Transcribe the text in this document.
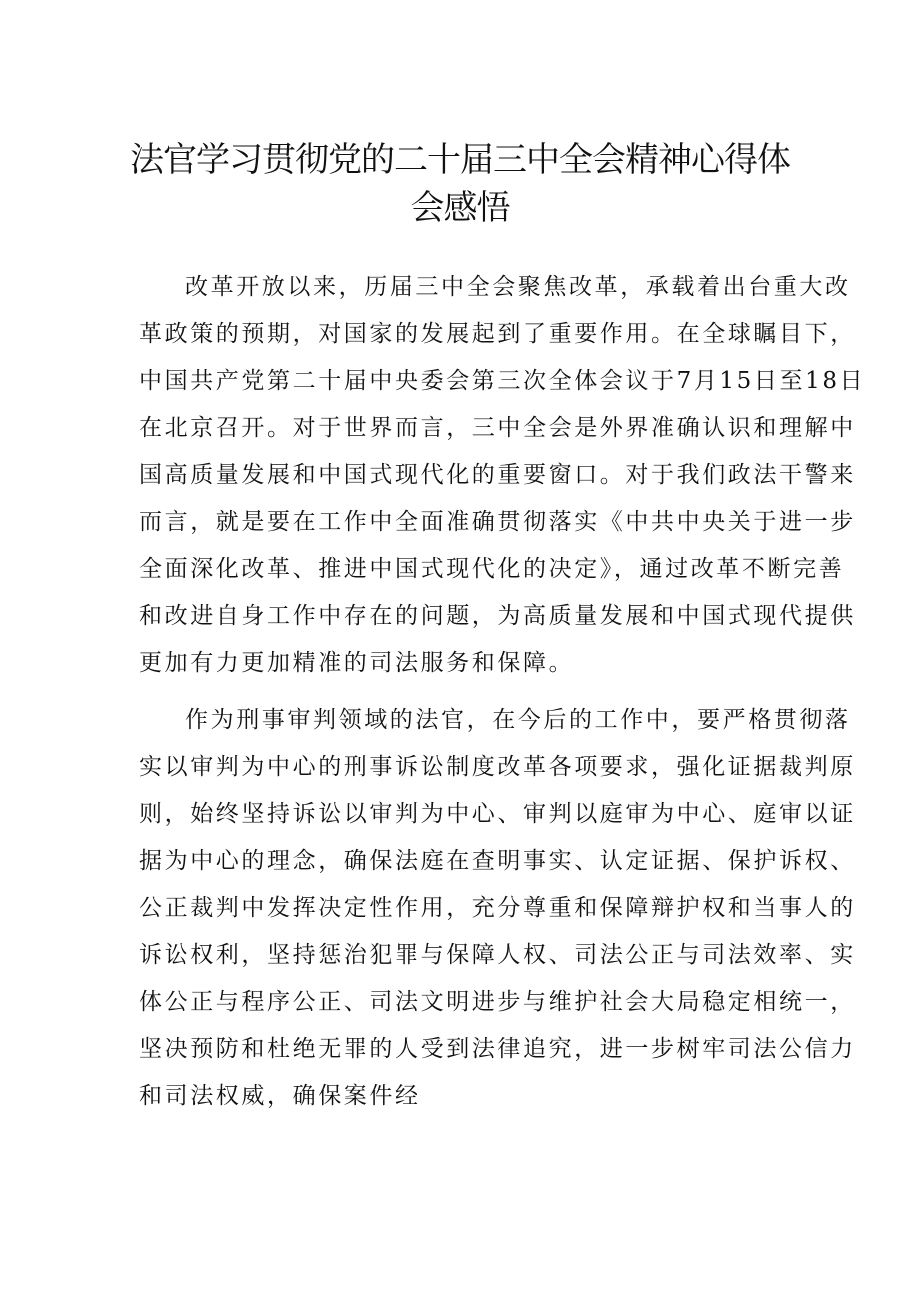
法官学习贯彻党的二十届三中全会精神心得体
会感悟
改革开放以来，历届三中全会聚焦改革，承载着出台重大改
革政策的预期，对国家的发展起到了重要作用。在全球瞩目下，
中国共产党第二十届中央委会第三次全体会议于7月15日至18日
在北京召开。对于世界而言，三中全会是外界准确认识和理解中
国高质量发展和中国式现代化的重要窗口。对于我们政法干警来
而言，就是要在工作中全面准确贯彻落实《中共中央关于进一步
全面深化改革、推进中国式现代化的决定》，通过改革不断完善
和改进自身工作中存在的问题，为高质量发展和中国式现代提供
更加有力更加精准的司法服务和保障。
作为刑事审判领域的法官，在今后的工作中，要严格贯彻落
实以审判为中心的刑事诉讼制度改革各项要求，强化证据裁判原
则，始终坚持诉讼以审判为中心、审判以庭审为中心、庭审以证
据为中心的理念，确保法庭在查明事实、认定证据、保护诉权、
公正裁判中发挥决定性作用，充分尊重和保障辩护权和当事人的
诉讼权利，坚持惩治犯罪与保障人权、司法公正与司法效率、实
体公正与程序公正、司法文明进步与维护社会大局稳定相统一，
坚决预防和杜绝无罪的人受到法律追究，进一步树牢司法公信力
和司法权威，确保案件经
